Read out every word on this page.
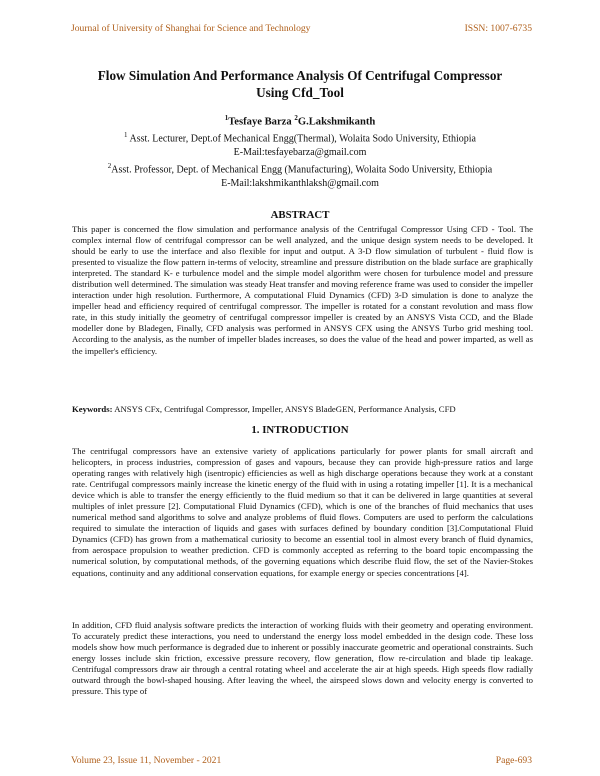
Journal of University of Shanghai for Science and Technology	ISSN: 1007-6735
Flow Simulation And Performance Analysis Of Centrifugal Compressor
Using Cfd_Tool
$^1$Tesfaye Barza $^2$G.Lakshmikanth
$^1$ Asst. Lecturer, Dept.of Mechanical Engg(Thermal), Wolaita Sodo University, Ethiopia
E-Mail:tesfayebarza@gmail.com
$^2$Asst. Professor, Dept. of Mechanical Engg (Manufacturing), Wolaita Sodo University, Ethiopia
E-Mail:lakshmikanthlaksh@gmail.com
ABSTRACT

This paper is concerned the flow simulation and performance analysis of the Centrifugal Compressor Using CFD - Tool. The complex internal flow of centrifugal compressor can be well analyzed, and the unique design system needs to be developed. It should be early to use the interface and also flexible for input and output. A 3-D flow simulation of turbulent - fluid flow is presented to visualize the flow pattern in-terms of velocity, streamline and pressure distribution on the blade surface are graphically interpreted. The standard K- e turbulence model and the simple model algorithm were chosen for turbulence model and pressure distribution well determined. The simulation was steady Heat transfer and moving reference frame was used to consider the impeller interaction under high resolution. Furthermore, A computational Fluid Dynamics (CFD) 3-D simulation is done to analyze the impeller head and efficiency required of centrifugal compressor. The impeller is rotated for a constant revolution and mass flow rate, in this study initially the geometry of centrifugal compressor impeller is created by an ANSYS Vista CCD, and the Blade modeller done by Bladegen, Finally, CFD analysis was performed in ANSYS CFX using the ANSYS Turbo grid meshing tool. According to the analysis, as the number of impeller blades increases, so does the value of the head and power imparted, as well as the impeller's efficiency.

Keywords: ANSYS CFx, Centrifugal Compressor, Impeller, ANSYS BladeGEN, Performance Analysis, CFD
1. INTRODUCTION

The centrifugal compressors have an extensive variety of applications particularly for power plants for small aircraft and helicopters, in process industries, compression of gases and vapours, because they can provide high-pressure ratios and large operating ranges with relatively high (isentropic) efficiencies as well as high discharge operations because they work at a constant rate. Centrifugal compressors mainly increase the kinetic energy of the fluid with in using a rotating impeller [1]. It is a mechanical device which is able to transfer the energy efficiently to the fluid medium so that it can be delivered in large quantities at several multiples of inlet pressure [2]. Computational Fluid Dynamics (CFD), which is one of the branches of fluid mechanics that uses numerical method sand algorithms to solve and analyze problems of fluid flows. Computers are used to perform the calculations required to simulate the interaction of liquids and gases with surfaces defined by boundary condition [3].Computational Fluid Dynamics (CFD) has grown from a mathematical curiosity to become an essential tool in almost every branch of fluid dynamics, from aerospace propulsion to weather prediction. CFD is commonly accepted as referring to the board topic encompassing the numerical solution, by computational methods, of the governing equations which describe fluid flow, the set of the Navier-Stokes equations, continuity and any additional conservation equations, for example energy or species concentrations [4].

In addition, CFD fluid analysis software predicts the interaction of working fluids with their geometry and operating environment. To accurately predict these interactions, you need to understand the energy loss model embedded in the design code. These loss models show how much performance is degraded due to inherent or possibly inaccurate geometric and operational constraints. Such energy losses include skin friction, excessive pressure recovery, flow generation, flow re-circulation and blade tip leakage. Centrifugal compressors draw air through a central rotating wheel and accelerate the air at high speeds. High speeds flow radially outward through the bowl-shaped housing. After leaving the wheel, the airspeed slows down and velocity energy is converted to pressure. This type of

Volume 23, Issue 11, November - 2021	Page-693
